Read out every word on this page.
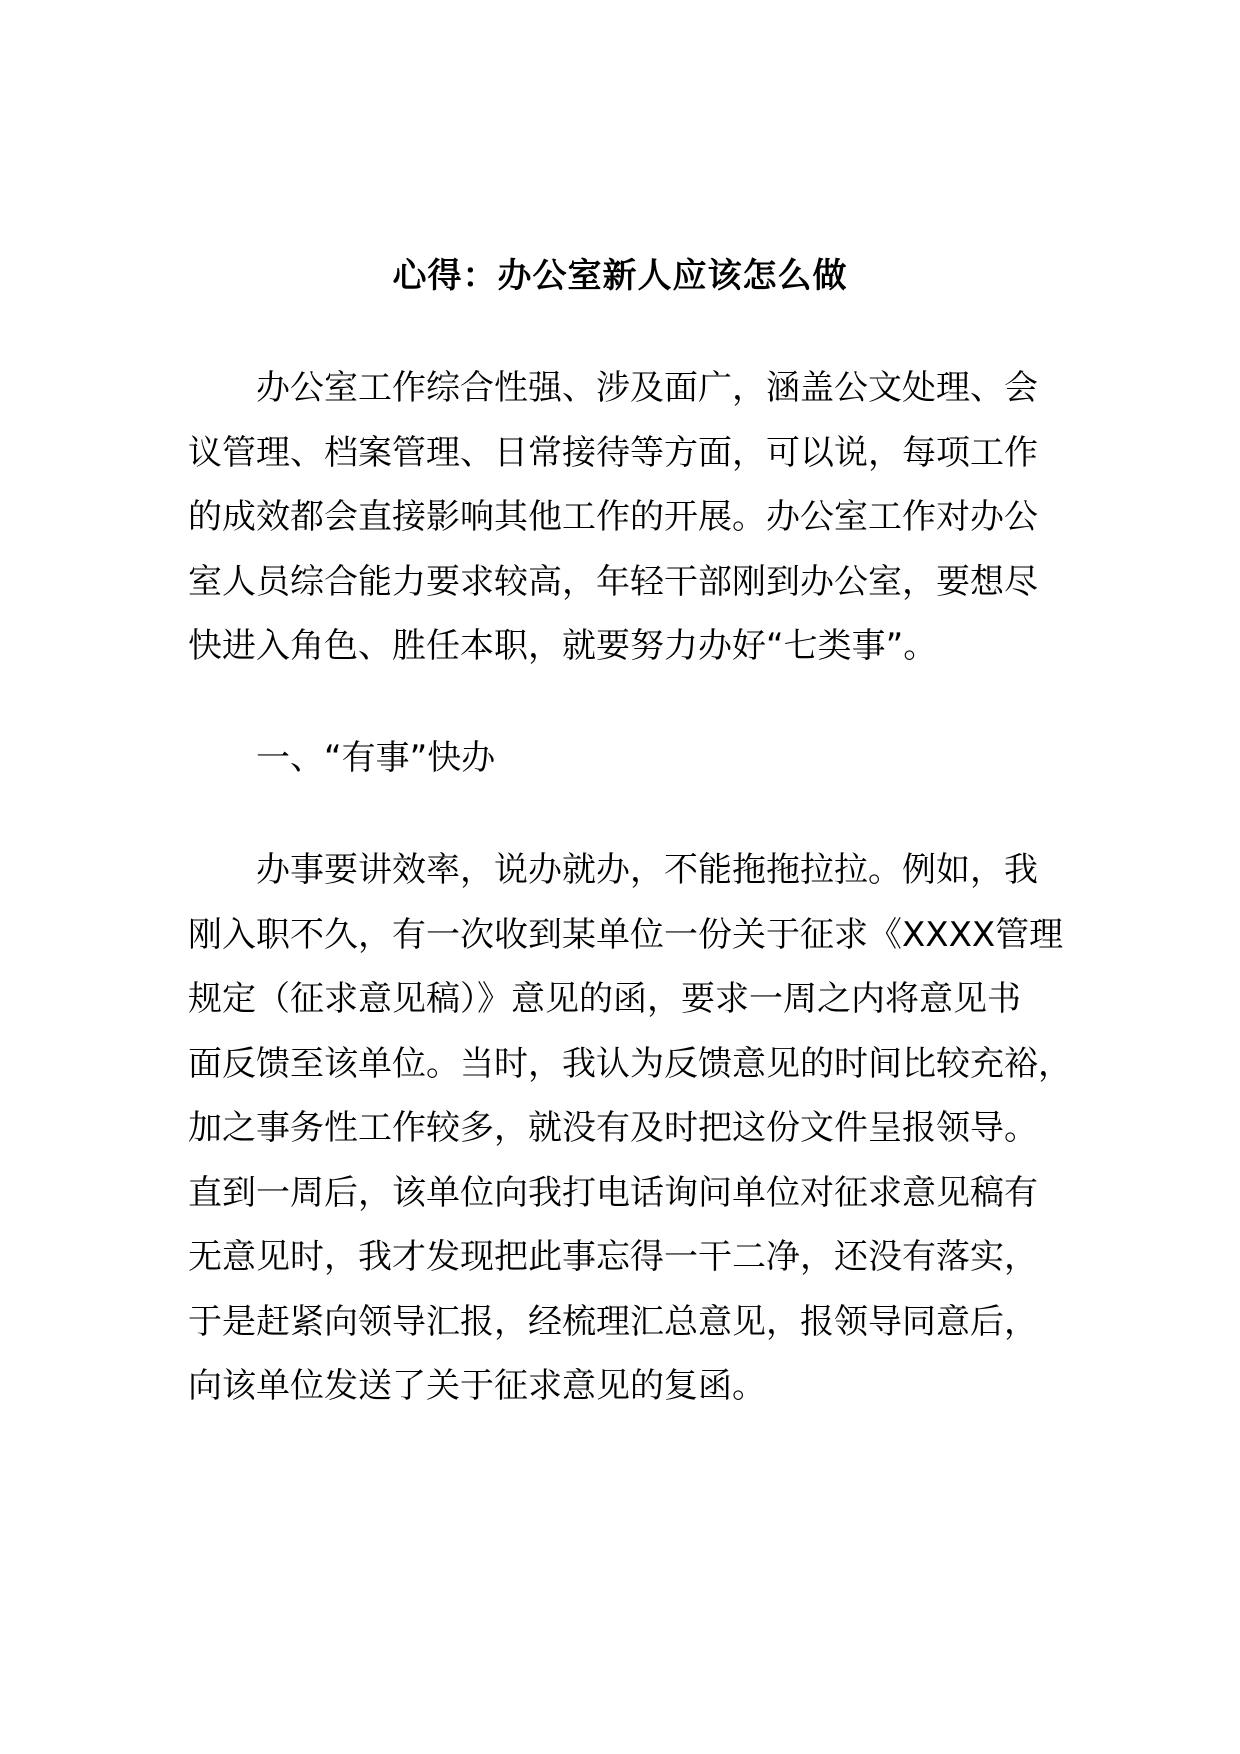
心得：办公室新人应该怎么做
办公室工作综合性强、涉及面广，涵盖公文处理、会
议管理、档案管理、日常接待等方面，可以说，每项工作
的成效都会直接影响其他工作的开展。办公室工作对办公
室人员综合能力要求较高，年轻干部刚到办公室，要想尽
快进入角色、胜任本职，就要努力办好“七类事”。
一、“有事”快办
办事要讲效率，说办就办，不能拖拖拉拉。例如，我
刚入职不久，有一次收到某单位一份关于征求《XXXX管理
规定（征求意见稿）》意见的函，要求一周之内将意见书
面反馈至该单位。当时，我认为反馈意见的时间比较充裕，
加之事务性工作较多，就没有及时把这份文件呈报领导。
直到一周后，该单位向我打电话询问单位对征求意见稿有
无意见时，我才发现把此事忘得一干二净，还没有落实，
于是赶紧向领导汇报，经梳理汇总意见，报领导同意后，
向该单位发送了关于征求意见的复函。
